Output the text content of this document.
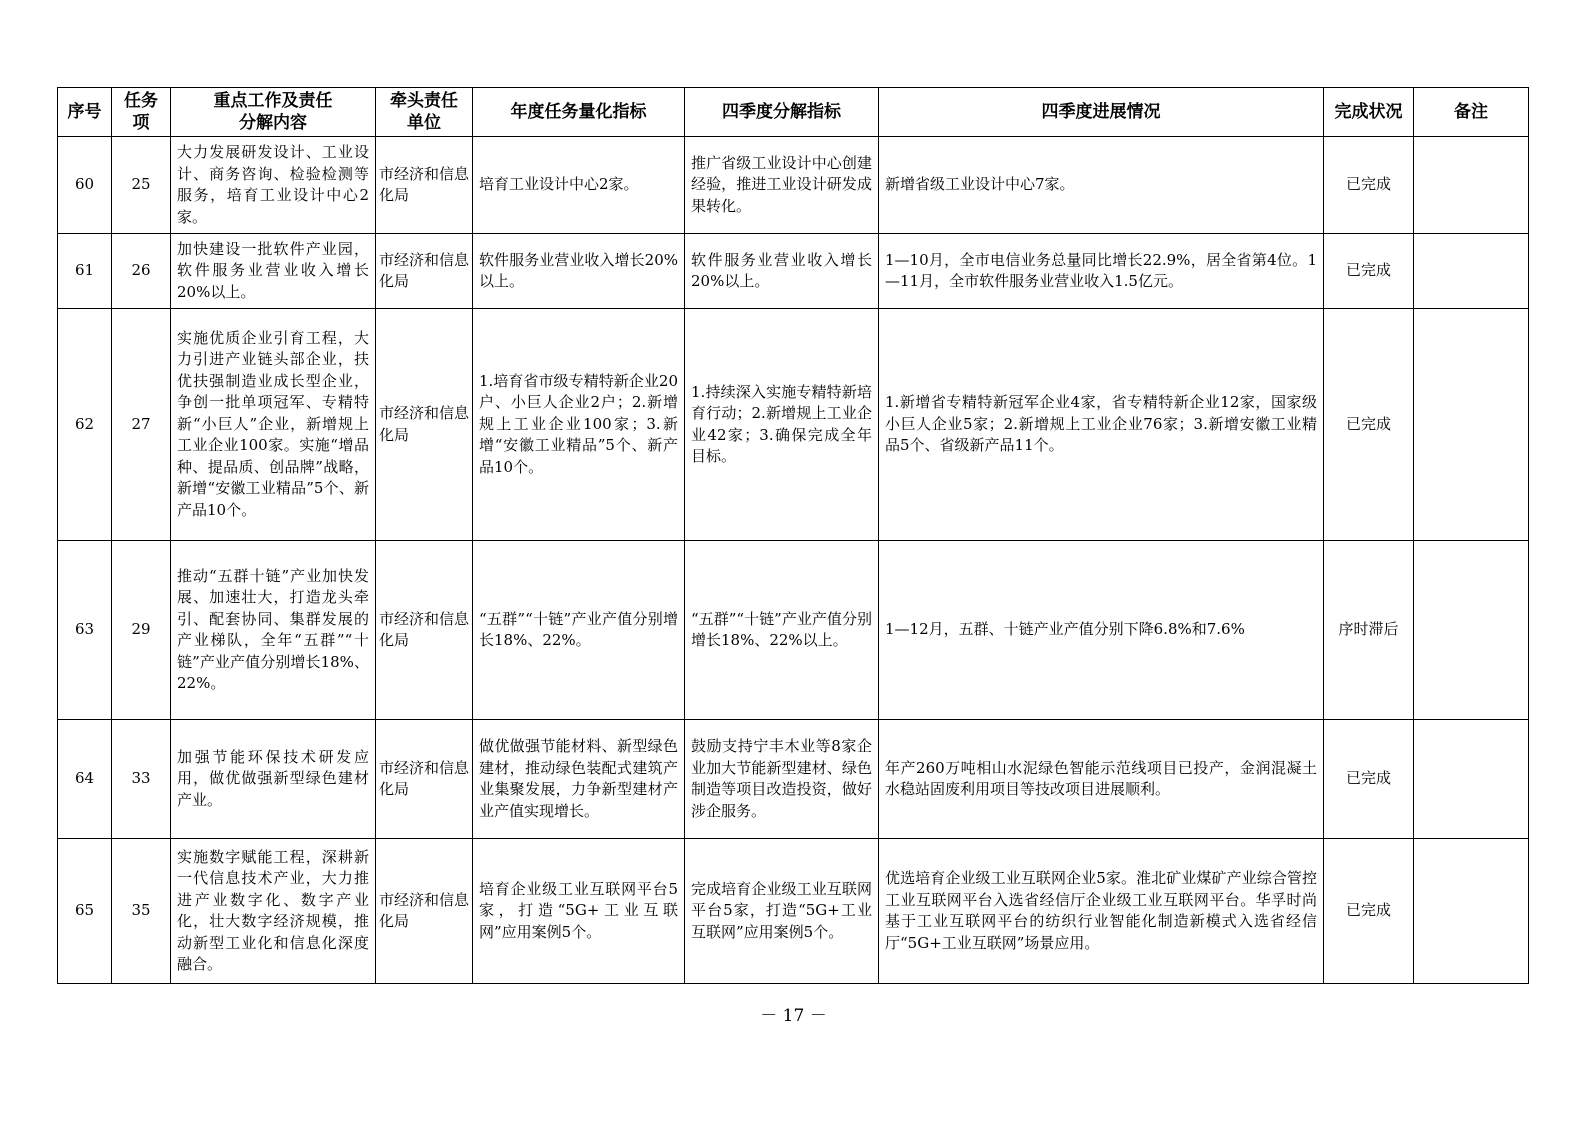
序号	任务项	重点工作及责任分解内容	牵头责任单位	年度任务量化指标	四季度分解指标	四季度进展情况	完成状况	备注
60	25	大力发展研发设计、工业设计、商务咨询、检验检测等服务，培育工业设计中心2家。	市经济和信息化局	培育工业设计中心2家。	推广省级工业设计中心创建经验，推进工业设计研发成果转化。	新增省级工业设计中心7家。	已完成	
61	26	加快建设一批软件产业园，软件服务业营业收入增长20%以上。	市经济和信息化局	软件服务业营业收入增长20%以上。	软件服务业营业收入增长20%以上。	1—10月，全市电信业务总量同比增长22.9%，居全省第4位。1—11月，全市软件服务业营业收入1.5亿元。	已完成	
62	27	实施优质企业引育工程，大力引进产业链头部企业，扶优扶强制造业成长型企业，争创一批单项冠军、专精特新“小巨人”企业，新增规上工业企业100家。实施“增品种、提品质、创品牌”战略，新增“安徽工业精品”5个、新产品10个。	市经济和信息化局	1.培育省市级专精特新企业20户、小巨人企业2户；2.新增规上工业企业100家；3.新增“安徽工业精品”5个、新产品10个。	1.持续深入实施专精特新培育行动；2.新增规上工业企业42家；3.确保完成全年目标。	1.新增省专精特新冠军企业4家，省专精特新企业12家，国家级小巨人企业5家；2.新增规上工业企业76家；3.新增安徽工业精品5个、省级新产品11个。	已完成	
63	29	推动“五群十链”产业加快发展、加速壮大，打造龙头牵引、配套协同、集群发展的产业梯队，全年“五群”“十链”产业产值分别增长18%、22%。	市经济和信息化局	“五群”“十链”产业产值分别增长18%、22%。	“五群”“十链”产业产值分别增长18%、22%以上。	1—12月，五群、十链产业产值分别下降6.8%和7.6%	序时滞后	
64	33	加强节能环保技术研发应用，做优做强新型绿色建材产业。	市经济和信息化局	做优做强节能材料、新型绿色建材，推动绿色装配式建筑产业集聚发展，力争新型建材产业产值实现增长。	鼓励支持宁丰木业等8家企业加大节能新型建材、绿色制造等项目改造投资，做好涉企服务。	年产260万吨相山水泥绿色智能示范线项目已投产，金润混凝土水稳站固废利用项目等技改项目进展顺利。	已完成	
65	35	实施数字赋能工程，深耕新一代信息技术产业，大力推进产业数字化、数字产业化，壮大数字经济规模，推动新型工业化和信息化深度融合。	市经济和信息化局	培育企业级工业互联网平台5家，打造“5G+工业互联网”应用案例5个。	完成培育企业级工业互联网平台5家，打造“5G+工业互联网”应用案例5个。	优选培育企业级工业互联网企业5家。淮北矿业煤矿产业综合管控工业互联网平台入选省经信厅企业级工业互联网平台。华孚时尚基于工业互联网平台的纺织行业智能化制造新模式入选省经信厅“5G+工业互联网”场景应用。	已完成	
－ 17 －
